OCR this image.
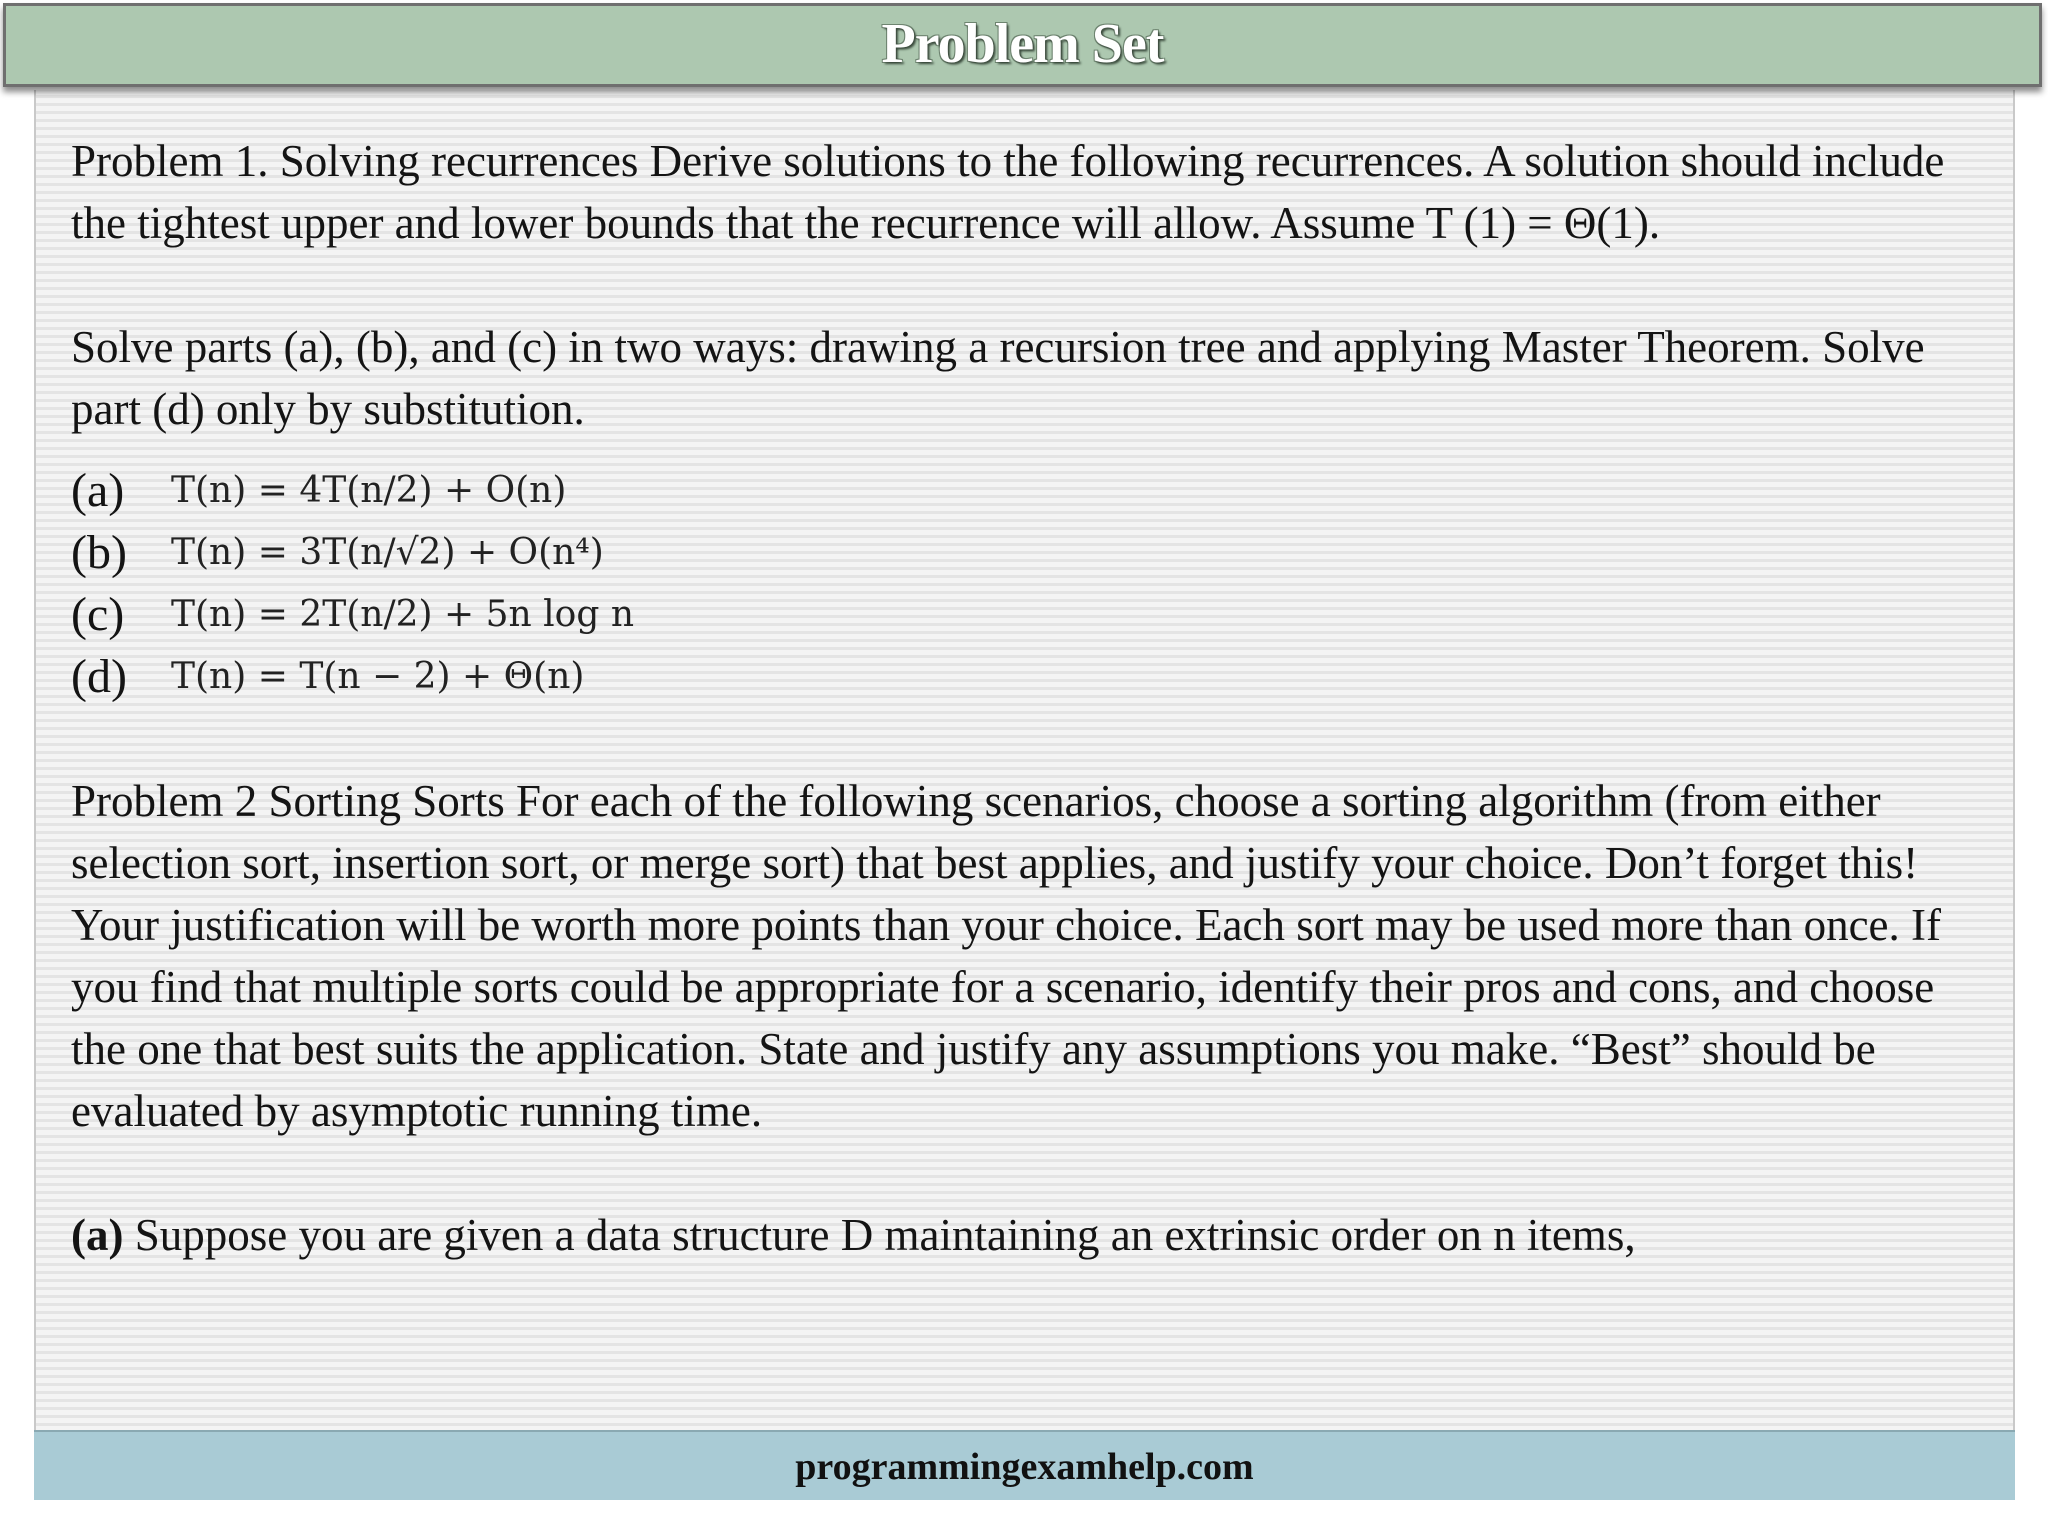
Problem Set

Problem 1. Solving recurrences Derive solutions to the following recurrences. A solution should include the tightest upper and lower bounds that the recurrence will allow. Assume T (1) = Θ(1).

Solve parts (a), (b), and (c) in two ways: drawing a recursion tree and applying Master Theorem. Solve part (d) only by substitution.

(a)	T(n) = 4T(n/2) + O(n)
(b)	T(n) = 3T(n/√2) + O(n⁴)
(c)	T(n) = 2T(n/2) + 5n log n
(d)	T(n) = T(n − 2) + Θ(n)

Problem 2 Sorting Sorts For each of the following scenarios, choose a sorting algorithm (from either selection sort, insertion sort, or merge sort) that best applies, and justify your choice. Don’t forget this! Your justification will be worth more points than your choice. Each sort may be used more than once. If you find that multiple sorts could be appropriate for a scenario, identify their pros and cons, and choose the one that best suits the application. State and justify any assumptions you make. “Best” should be evaluated by asymptotic running time.

(a) Suppose you are given a data structure D maintaining an extrinsic order on n items,

programmingexamhelp.com
